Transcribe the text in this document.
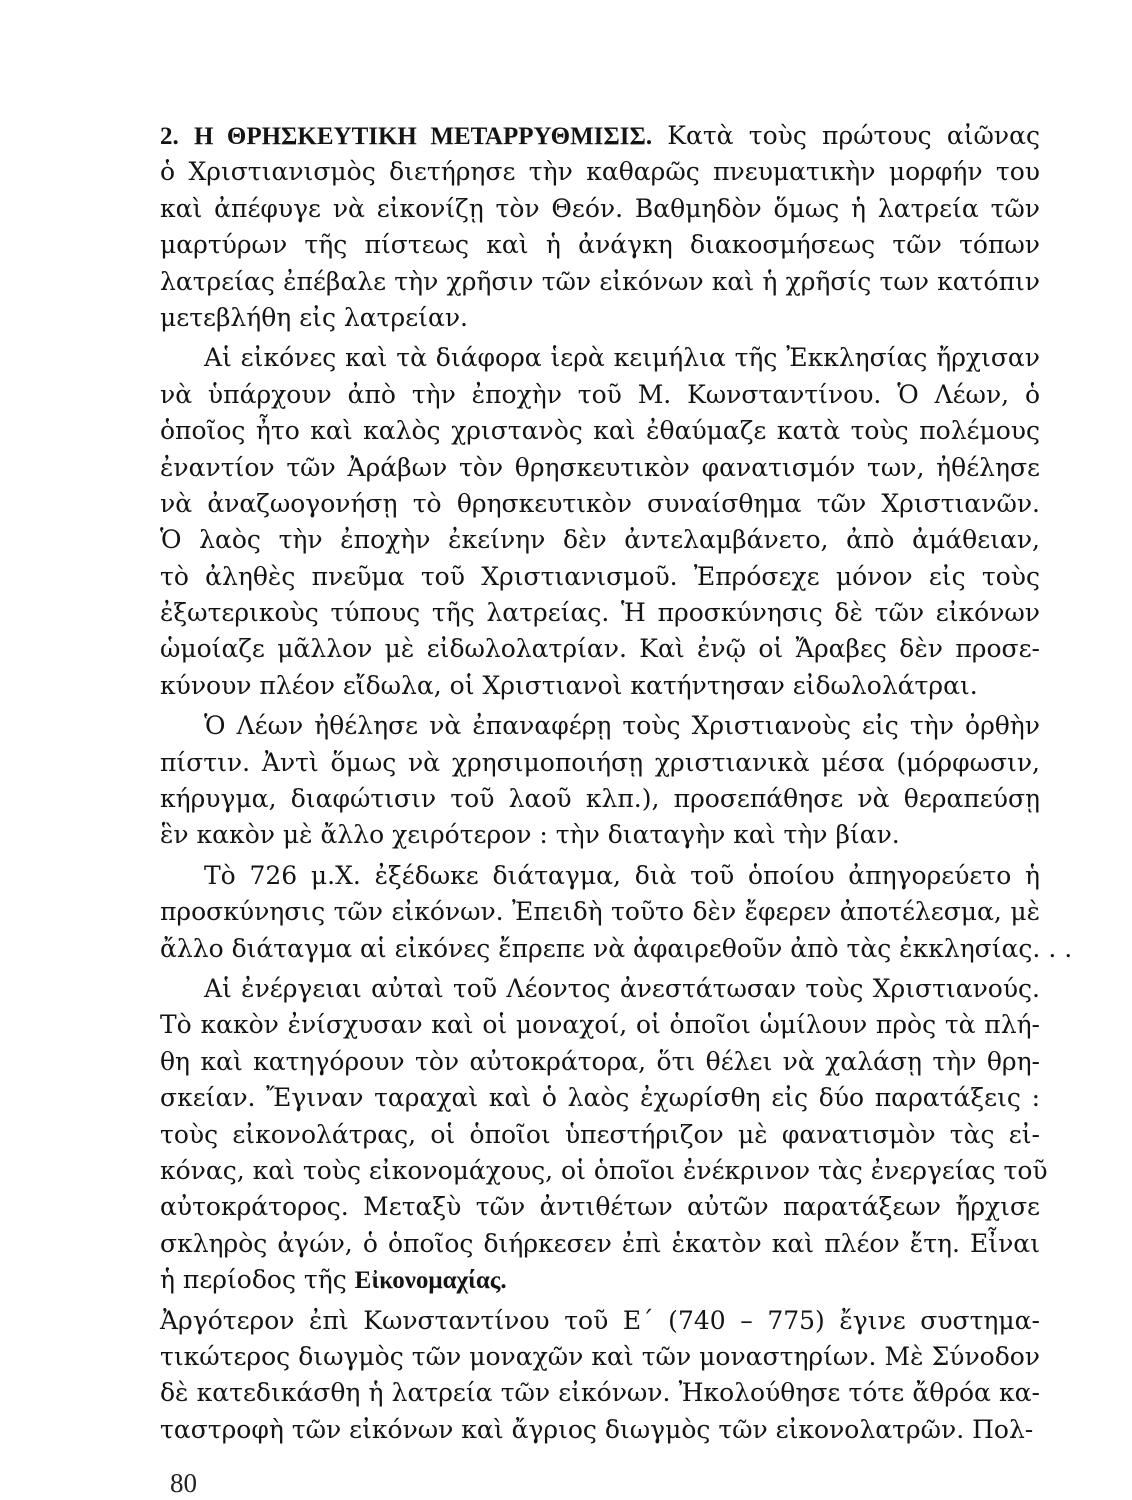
2. Η ΘΡΗΣΚΕΥΤΙΚΗ ΜΕΤΑΡΡΥΘΜΙΣΙΣ. Κατὰ τοὺς πρώτους αἰῶνας
ὁ Χριστιανισμὸς διετήρησε τὴν καθαρῶς πνευματικὴν μορφήν του
καὶ ἀπέφυγε νὰ εἰκονίζῃ τὸν Θεόν. Βαθμηδὸν ὅμως ἡ λατρεία τῶν
μαρτύρων τῆς πίστεως καὶ ἡ ἀνάγκη διακοσμήσεως τῶν τόπων
λατρείας ἐπέβαλε τὴν χρῆσιν τῶν εἰκόνων καὶ ἡ χρῆσίς των κατόπιν
μετεβλήθη εἰς λατρείαν.
Αἱ εἰκόνες καὶ τὰ διάφορα ἱερὰ κειμήλια τῆς Ἐκκλησίας ἤρχισαν
νὰ ὑπάρχουν ἀπὸ τὴν ἐποχὴν τοῦ Μ. Κωνσταντίνου. Ὁ Λέων, ὁ
ὁποῖος ἦτο καὶ καλὸς χριστανὸς καὶ ἐθαύμαζε κατὰ τοὺς πολέμους
ἐναντίον τῶν Ἀράβων τὸν θρησκευτικὸν φανατισμόν των, ἠθέλησε
νὰ ἀναζωογονήσῃ τὸ θρησκευτικὸν συναίσθημα τῶν Χριστιανῶν.
Ὁ λαὸς τὴν ἐποχὴν ἐκείνην δὲν ἀντελαμβάνετο, ἀπὸ ἀμάθειαν,
τὸ ἀληθὲς πνεῦμα τοῦ Χριστιανισμοῦ. Ἐπρόσεχε μόνον εἰς τοὺς
ἐξωτερικοὺς τύπους τῆς λατρείας. Ἡ προσκύνησις δὲ τῶν εἰκόνων
ὡμοίαζε μᾶλλον μὲ εἰδωλολατρίαν. Καὶ ἐνῷ οἱ Ἄραβες δὲν προσε-
κύνουν πλέον εἴδωλα, οἱ Χριστιανοὶ κατήντησαν εἰδωλολάτραι.
Ὁ Λέων ἠθέλησε νὰ ἐπαναφέρῃ τοὺς Χριστιανοὺς εἰς τὴν ὀρθὴν
πίστιν. Ἀντὶ ὅμως νὰ χρησιμοποιήσῃ χριστιανικὰ μέσα (μόρφωσιν,
κήρυγμα, διαφώτισιν τοῦ λαοῦ κλπ.), προσεπάθησε νὰ θεραπεύσῃ
ἓν κακὸν μὲ ἄλλο χειρότερον : τὴν διαταγὴν καὶ τὴν βίαν.
Τὸ 726 μ.Χ. ἐξέδωκε διάταγμα, διὰ τοῦ ὁποίου ἀπηγορεύετο ἡ
προσκύνησις τῶν εἰκόνων. Ἐπειδὴ τοῦτο δὲν ἔφερεν ἀποτέλεσμα, μὲ
ἄλλο διάταγμα αἱ εἰκόνες ἔπρεπε νὰ ἀφαιρεθοῦν ἀπὸ τὰς ἐκκλησίας. . .
Αἱ ἐνέργειαι αὐταὶ τοῦ Λέοντος ἀνεστάτωσαν τοὺς Χριστιανούς.
Τὸ κακὸν ἐνίσχυσαν καὶ οἱ μοναχοί, οἱ ὁποῖοι ὡμίλουν πρὸς τὰ πλή-
θη καὶ κατηγόρουν τὸν αὐτοκράτορα, ὅτι θέλει νὰ χαλάσῃ τὴν θρη-
σκείαν. Ἔγιναν ταραχαὶ καὶ ὁ λαὸς ἐχωρίσθη εἰς δύο παρατάξεις :
τοὺς εἰκονολάτρας, οἱ ὁποῖοι ὑπεστήριζον μὲ φανατισμὸν τὰς εἰ-
κόνας, καὶ τοὺς εἰκονομάχους, οἱ ὁποῖοι ἐνέκρινον τὰς ἐνεργείας τοῦ
αὐτοκράτορος. Μεταξὺ τῶν ἀντιθέτων αὐτῶν παρατάξεων ἤρχισε
σκληρὸς ἀγών, ὁ ὁποῖος διήρκεσεν ἐπὶ ἑκατὸν καὶ πλέον ἔτη. Εἶναι
ἡ περίοδος τῆς Εἰκονομαχίας.
Ἀργότερον ἐπὶ Κωνσταντίνου τοῦ Ε΄ (740 – 775) ἔγινε συστημα-
τικώτερος διωγμὸς τῶν μοναχῶν καὶ τῶν μοναστηρίων. Μὲ Σύνοδον
δὲ κατεδικάσθη ἡ λατρεία τῶν εἰκόνων. Ἠκολούθησε τότε ἄθρόα κα-
ταστροφὴ τῶν εἰκόνων καὶ ἄγριος διωγμὸς τῶν εἰκονολατρῶν. Πολ-
80
